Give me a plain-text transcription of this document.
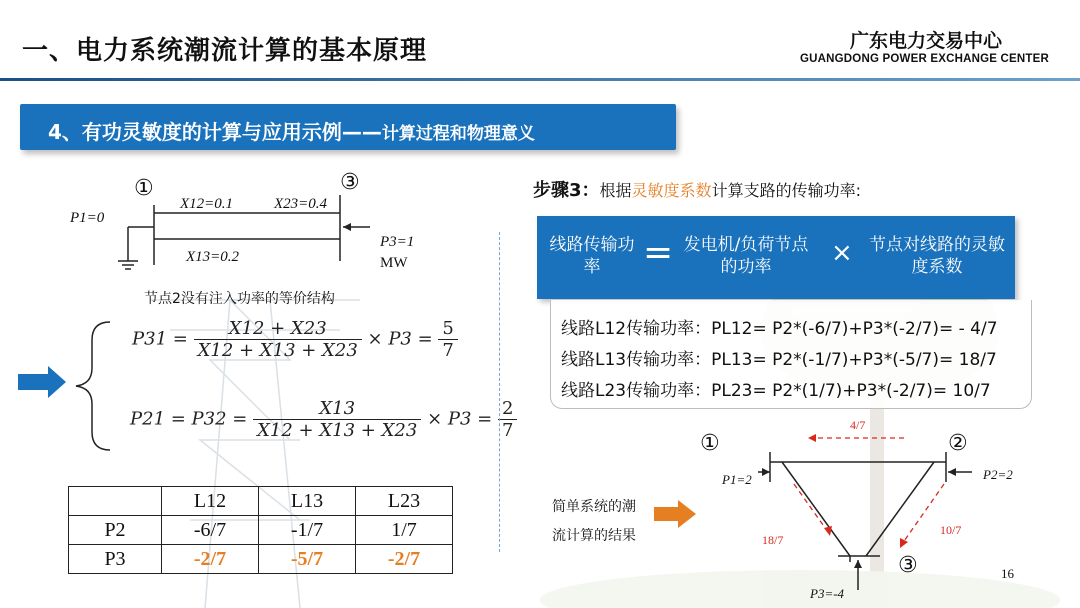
一、电力系统潮流计算的基本原理	广东电力交易中心
GUANGDONG POWER EXCHANGE CENTER
4、有功灵敏度的计算与应用示例——计算过程和物理意义
①	③
P1=0
X12=0.1	X23=0.4
X13=0.2
P3=1
MW
节点2没有注入功率的等价结构
$P31 = \frac{X12 + X23}{X12 + X13 + X23} \times P3 = \frac{5}{7}$
$P21 = P32 = \frac{X13}{X12 + X13 + X23} \times P3 = \frac{2}{7}$
	L12	L13	L23
P2	-6/7	-1/7	1/7
P3	-2/7	-5/7	-2/7
步骤3：根据灵敏度系数计算支路的传输功率:
线路传输功率	= 发电机/负荷节点的功率	× 节点对线路的灵敏度系数
线路L12传输功率：PL12= P2*(-6/7)+P3*(-2/7)= - 4/7
线路L13传输功率：PL13= P2*(-1/7)+P3*(-5/7)= 18/7
线路L23传输功率：PL23= P2*(1/7)+P3*(-2/7)= 10/7
①	②
③
4/7
18/7
10/7
P1=2	P2=2
P3=-4
简单系统的潮
流计算的结果
16
